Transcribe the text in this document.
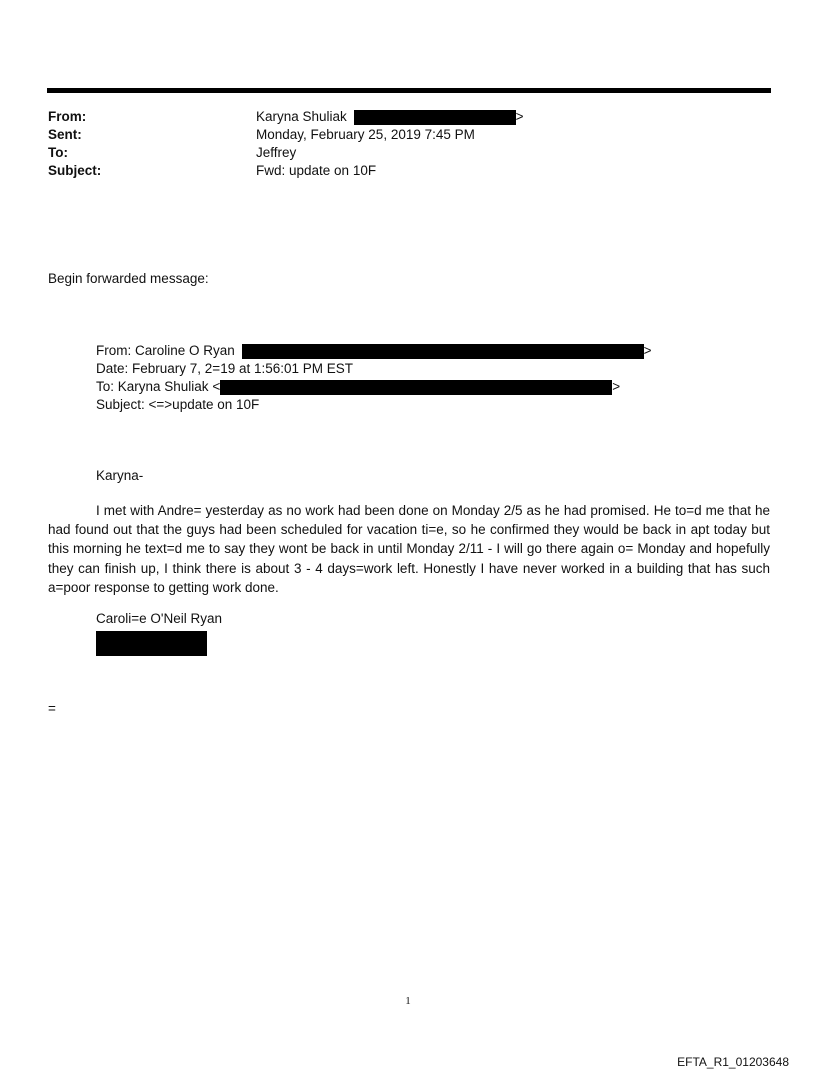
From:	Karyna Shuliak	>
Sent:	Monday, February 25, 2019 7:45 PM
To:	Jeffrey
Subject:	Fwd: update on 10F
Begin forwarded message:
From: Caroline O Ryan	>
Date: February 7, 2=19 at 1:56:01 PM EST
To: Karyna Shuliak <	>
Subject: <=>update on 10F
Karyna-
I met with Andre= yesterday as no work had been done on Monday 2/5 as he had promised. He to=d me that he had found out that the guys had been scheduled for vacation ti=e, so he confirmed they would be back in apt today but this morning he text=d me to say they wont be back in until Monday 2/11 - I will go there again o= Monday and hopefully they can finish up, I think there is about 3 - 4 days=work left. Honestly I have never worked in a building that has such a=poor response to getting work done.
Caroli=e O'Neil Ryan
=
1
EFTA_R1_01203648
